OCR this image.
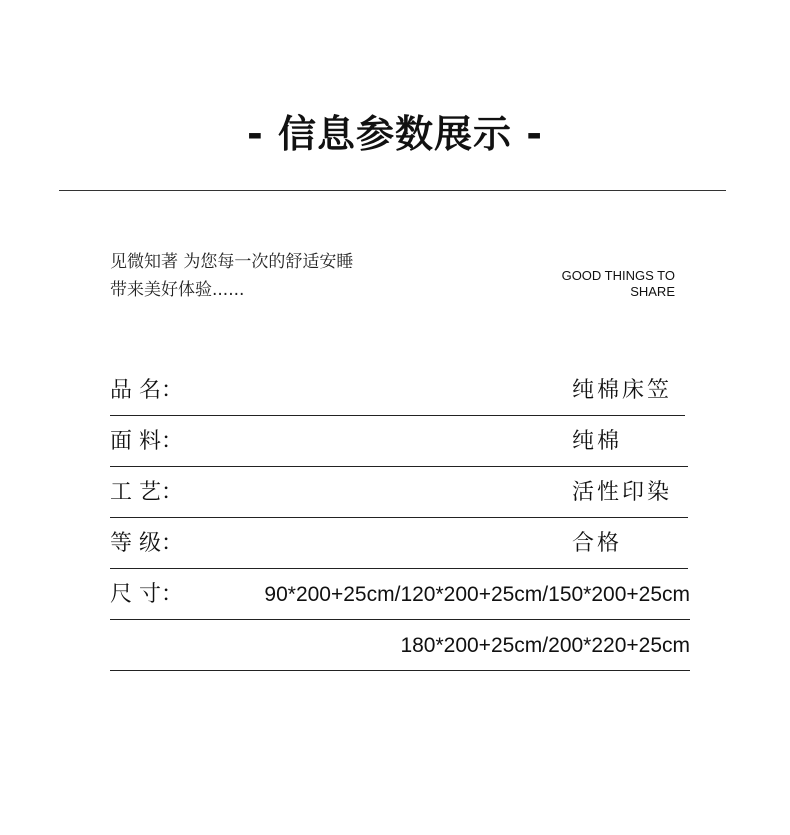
- 信息参数展示 -
见微知著 为您每一次的舒适安睡
带来美好体验......
GOOD THINGS TO
SHARE
品 名：	纯棉床笠
面 料：	纯棉
工 艺：	活性印染
等 级：	合格
尺 寸：	90*200+25cm/120*200+25cm/150*200+25cm
180*200+25cm/200*220+25cm
